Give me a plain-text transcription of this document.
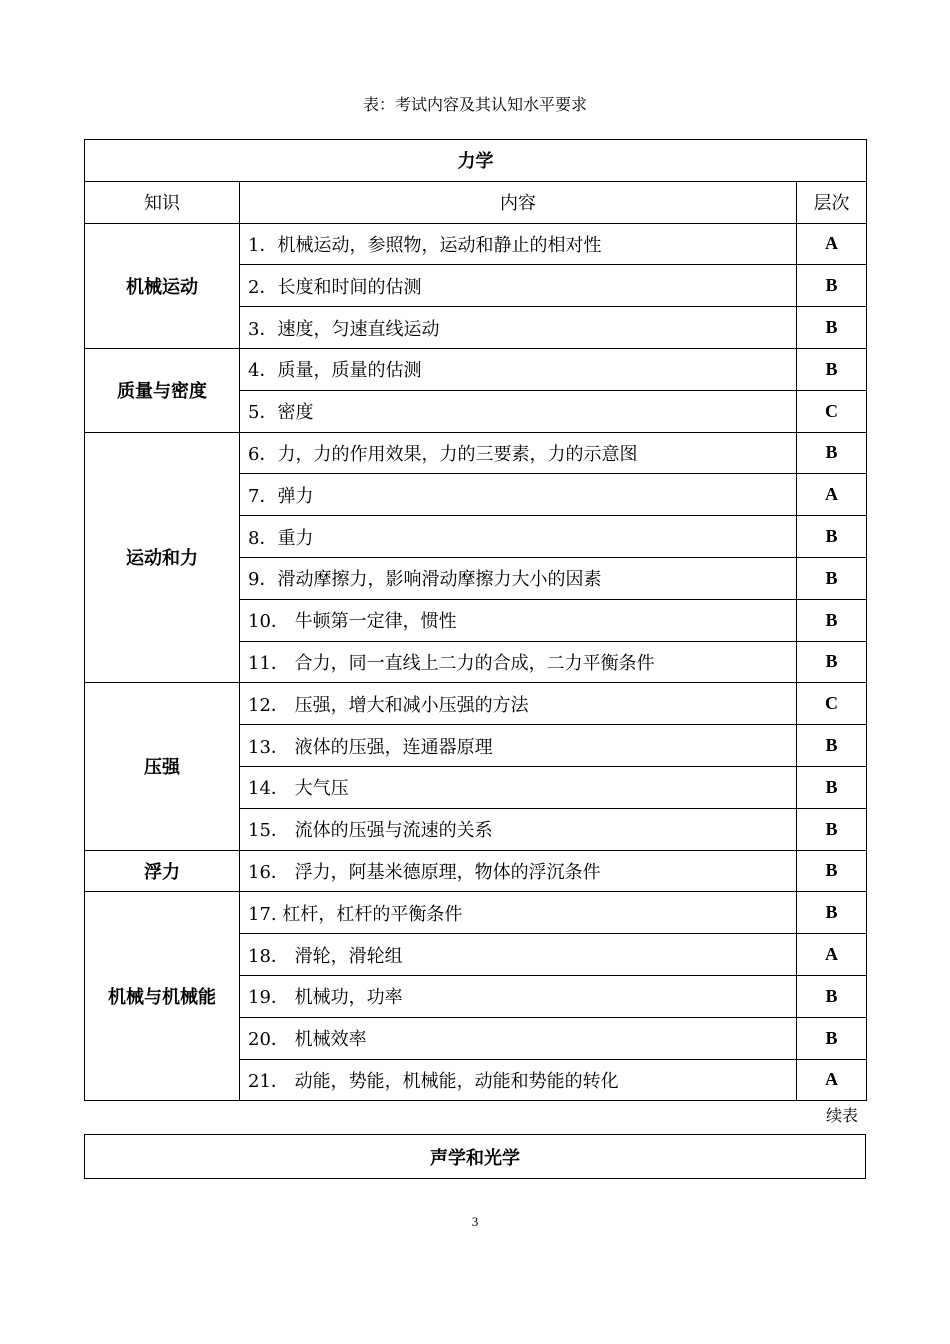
表：考试内容及其认知水平要求
力学		
知识	内容	层次
机械运动	1．机械运动，参照物，运动和静止的相对性	A
	2．长度和时间的估测	B
	3．速度，匀速直线运动	B
质量与密度	4．质量，质量的估测	B
	5．密度	C
运动和力	6．力，力的作用效果，力的三要素，力的示意图	B
	7．弹力	A
	8．重力	B
	9．滑动摩擦力，影响滑动摩擦力大小的因素	B
	10． 牛顿第一定律，惯性	B
	11． 合力，同一直线上二力的合成，二力平衡条件	B
压强	12． 压强，增大和减小压强的方法	C
	13． 液体的压强，连通器原理	B
	14． 大气压	B
	15． 流体的压强与流速的关系	B
浮力	16． 浮力，阿基米德原理，物体的浮沉条件	B
机械与机械能	17. 杠杆，杠杆的平衡条件	B
	18． 滑轮，滑轮组	A
	19． 机械功，功率	B
	20． 机械效率	B
	21． 动能，势能，机械能，动能和势能的转化	A
续表
声学和光学
3
